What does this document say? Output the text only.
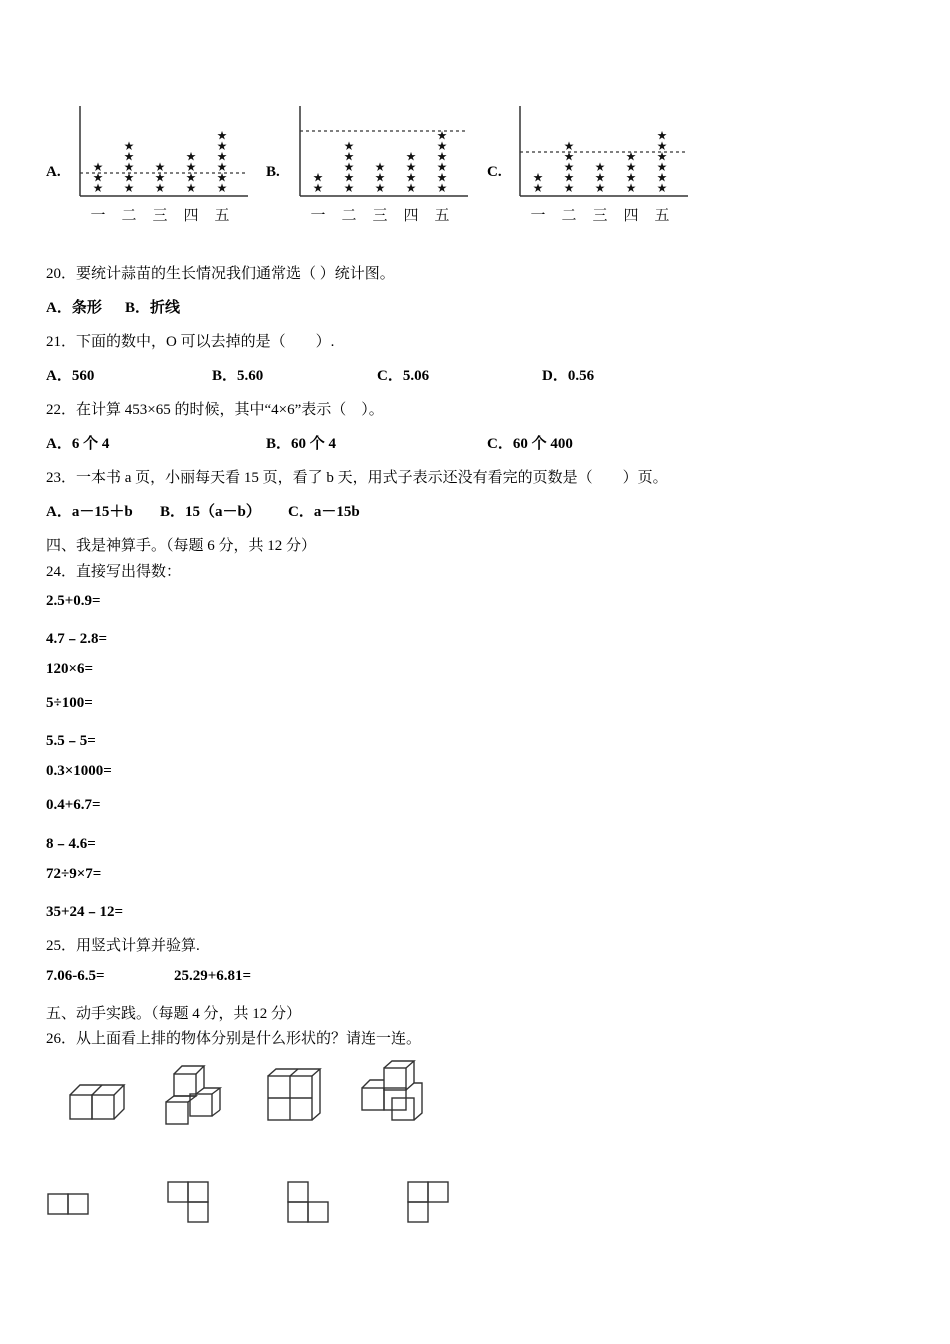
A.	B.	C.
★
★
★
一
★
★
★
★
★
二
★
★
★
三
★
★
★
★
四
★
★
★
★
★
★
五
★
★
一
★
★
★
★
★
二
★
★
★
三
★
★
★
★
四
★
★
★
★
★
★
五
★
★
一
★
★
★
★
★
二
★
★
★
三
★
★
★
★
四
★
★
★
★
★
★
五
20．要统计蒜苗的生长情况我们通常选（ ）统计图。
A．条形 B．折线
21．下面的数中，O 可以去掉的是（　　）.
A．560	B．5.60	C．5.06	D．0.56
22．在计算 453×65 的时候，其中“4×6”表示（　）。
A．6 个 4	B．60 个 4	C．60 个 400
23．一本书 a 页，小丽每天看 15 页，看了 b 天，用式子表示还没有看完的页数是（　　）页。
A．a－15＋b B．15（a－b） C．a－15b
四、我是神算手。（每题 6 分，共 12 分）
24．直接写出得数：
2.5+0.9=
4.7﹣2.8=
120×6=
5÷100=
5.5﹣5=
0.3×1000=
0.4+6.7=
8﹣4.6=
72÷9×7=
35+24﹣12=
25．用竖式计算并验算.
7.06-6.5=	25.29+6.81=
五、动手实践。（每题 4 分，共 12 分）
26．从上面看上排的物体分别是什么形状的？请连一连。
